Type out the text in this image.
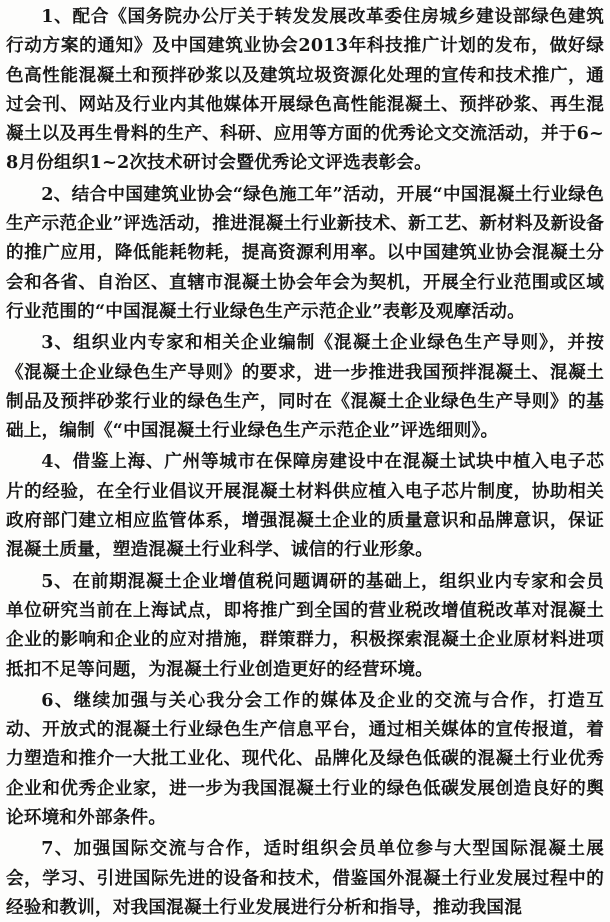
1、配合《国务院办公厅关于转发发展改革委住房城乡建设部绿色建筑行动方案的通知》及中国建筑业协会2013年科技推广计划的发布，做好绿色高性能混凝土和预拌砂浆以及建筑垃圾资源化处理的宣传和技术推广，通过会刊、网站及行业内其他媒体开展绿色高性能混凝土、预拌砂浆、再生混凝土以及再生骨料的生产、科研、应用等方面的优秀论文交流活动，并于6~8月份组织1~2次技术研讨会暨优秀论文评选表彰会。

2、结合中国建筑业协会“绿色施工年”活动，开展“中国混凝土行业绿色生产示范企业”评选活动，推进混凝土行业新技术、新工艺、新材料及新设备的推广应用，降低能耗物耗，提高资源利用率。以中国建筑业协会混凝土分会和各省、自治区、直辖市混凝土协会年会为契机，开展全行业范围或区域行业范围的“中国混凝土行业绿色生产示范企业”表彰及观摩活动。

3、组织业内专家和相关企业编制《混凝土企业绿色生产导则》，并按《混凝土企业绿色生产导则》的要求，进一步推进我国预拌混凝土、混凝土制品及预拌砂浆行业的绿色生产，同时在《混凝土企业绿色生产导则》的基础上，编制《“中国混凝土行业绿色生产示范企业”评选细则》。

4、借鉴上海、广州等城市在保障房建设中在混凝土试块中植入电子芯片的经验，在全行业倡议开展混凝土材料供应植入电子芯片制度，协助相关政府部门建立相应监管体系，增强混凝土企业的质量意识和品牌意识，保证混凝土质量，塑造混凝土行业科学、诚信的行业形象。

5、在前期混凝土企业增值税问题调研的基础上，组织业内专家和会员单位研究当前在上海试点，即将推广到全国的营业税改增值税改革对混凝土企业的影响和企业的应对措施，群策群力，积极探索混凝土企业原材料进项抵扣不足等问题，为混凝土行业创造更好的经营环境。

6、继续加强与关心我分会工作的媒体及企业的交流与合作，打造互动、开放式的混凝土行业绿色生产信息平台，通过相关媒体的宣传报道，着力塑造和推介一大批工业化、现代化、品牌化及绿色低碳的混凝土行业优秀企业和优秀企业家，进一步为我国混凝土行业的绿色低碳发展创造良好的舆论环境和外部条件。

7、加强国际交流与合作，适时组织会员单位参与大型国际混凝土展会，学习、引进国际先进的设备和技术，借鉴国外混凝土行业发展过程中的经验和教训，对我国混凝土行业发展进行分析和指导，推动我国混
